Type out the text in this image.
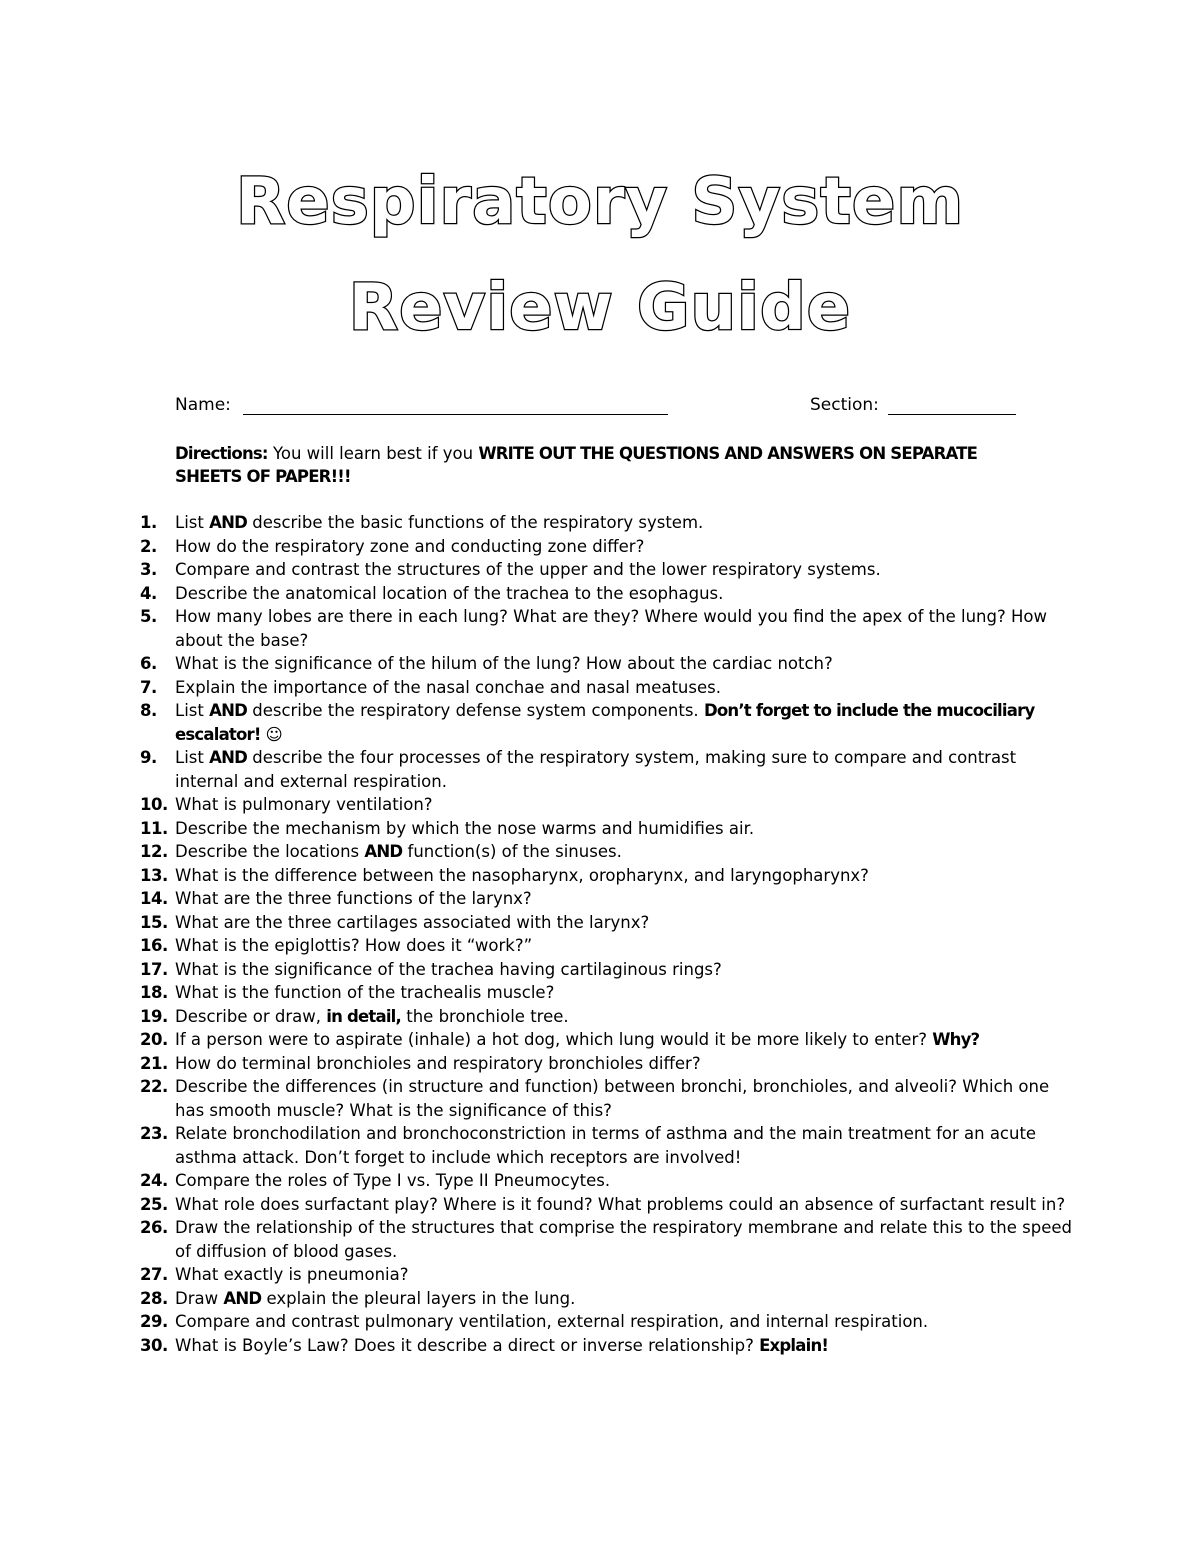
Respiratory System
Review Guide
Name:	Section:
Directions: You will learn best if you WRITE OUT THE QUESTIONS AND ANSWERS ON SEPARATE SHEETS OF PAPER!!!
1.	List AND describe the basic functions of the respiratory system.
2.	How do the respiratory zone and conducting zone differ?
3.	Compare and contrast the structures of the upper and the lower respiratory systems.
4.	Describe the anatomical location of the trachea to the esophagus.
5.	How many lobes are there in each lung? What are they? Where would you find the apex of the lung? How about the base?
6.	What is the significance of the hilum of the lung? How about the cardiac notch?
7.	Explain the importance of the nasal conchae and nasal meatuses.
8.	List AND describe the respiratory defense system components. Don’t forget to include the mucociliary escalator! ☺
9.	List AND describe the four processes of the respiratory system, making sure to compare and contrast internal and external respiration.
10. What is pulmonary ventilation?
11. Describe the mechanism by which the nose warms and humidifies air.
12. Describe the locations AND function(s) of the sinuses.
13. What is the difference between the nasopharynx, oropharynx, and laryngopharynx?
14. What are the three functions of the larynx?
15. What are the three cartilages associated with the larynx?
16. What is the epiglottis? How does it “work?”
17. What is the significance of the trachea having cartilaginous rings?
18. What is the function of the trachealis muscle?
19. Describe or draw, in detail, the bronchiole tree.
20. If a person were to aspirate (inhale) a hot dog, which lung would it be more likely to enter? Why?
21. How do terminal bronchioles and respiratory bronchioles differ?
22. Describe the differences (in structure and function) between bronchi, bronchioles, and alveoli? Which one has smooth muscle? What is the significance of this?
23. Relate bronchodilation and bronchoconstriction in terms of asthma and the main treatment for an acute asthma attack. Don’t forget to include which receptors are involved!
24. Compare the roles of Type I vs. Type II Pneumocytes.
25. What role does surfactant play? Where is it found? What problems could an absence of surfactant result in?
26. Draw the relationship of the structures that comprise the respiratory membrane and relate this to the speed of diffusion of blood gases.
27. What exactly is pneumonia?
28. Draw AND explain the pleural layers in the lung.
29. Compare and contrast pulmonary ventilation, external respiration, and internal respiration.
30. What is Boyle’s Law? Does it describe a direct or inverse relationship? Explain!
